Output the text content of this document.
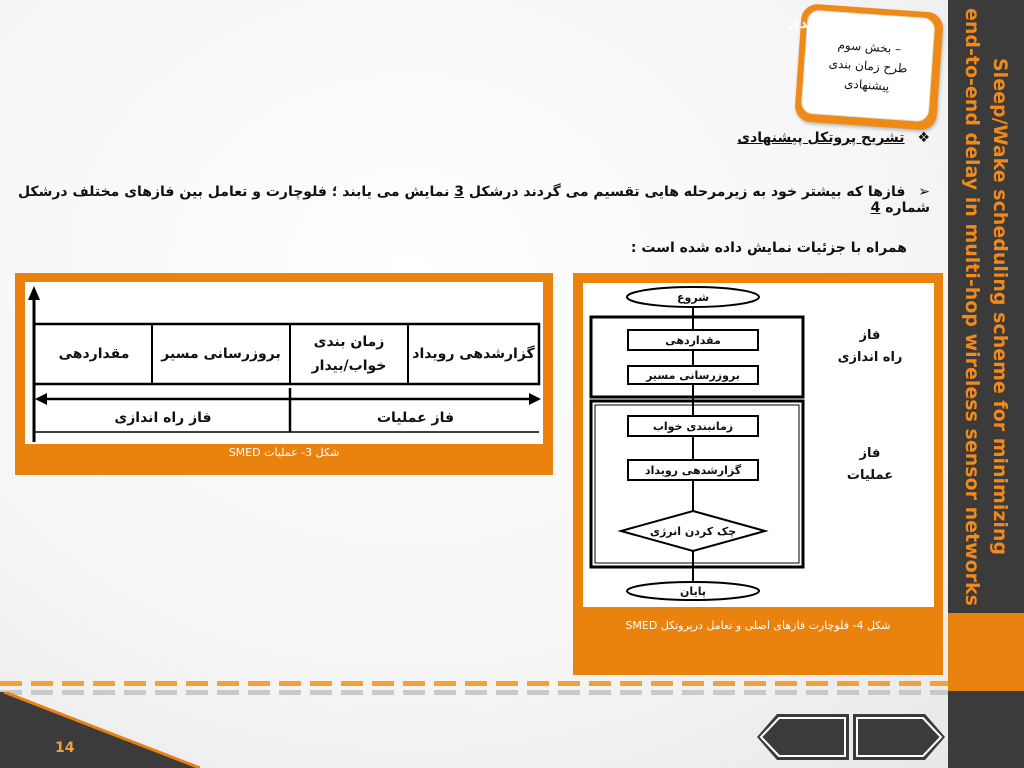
Sleep/Wake scheduling scheme for minimizing
end-to-end delay in multi-hop wireless sensor networks
– بخش سوم
طرح زمان بندی
پیشنهادی
❖ تشریح پروتکل پیشنهادی
➢ فازها که بیشتر خود به زیرمرحله هایی تقسیم می گردند درشکل 3 نمایش می یابند ؛ فلوچارت و تعامل بین فازهای مختلف درشکل شماره 4
همراه با جزئیات نمایش داده شده است :
گزارشدهی رویداد
زمان بندی خواب/بیدار
بروزرسانی مسیر
مقداردهی
فاز عملیات
فاز راه اندازی
شکل 3- عملیات SMED
شروع
مقداردهی
بروزرسانی مسیر
زمانبندی خواب
گزارشدهی رویداد
چک کردن انرژی
پایان
فاز
راه اندازی
فاز
عملیات
شکل 4- فلوچارت فازهای اصلی و تعامل درپروتکل SMED
14
بعدی	قبلی
